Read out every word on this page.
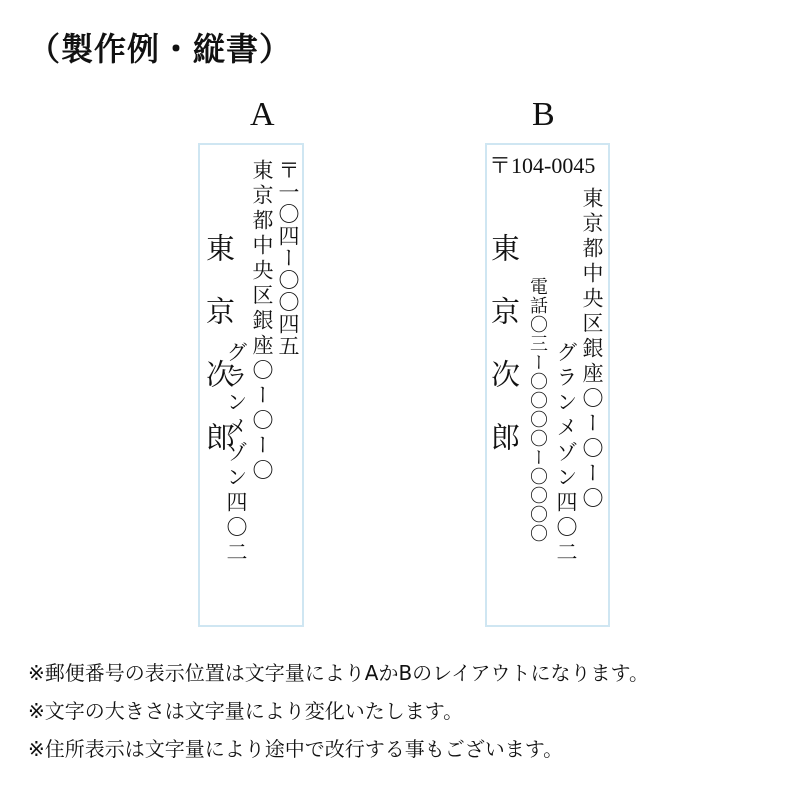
（製作例・縦書）
A
〒一〇四ー〇〇四五
東京都中央区銀座〇ー〇ー〇
グランメゾン四〇二
東 京 次 郎
B
〒104-0045
東京都中央区銀座〇ー〇ー〇
グランメゾン四〇二
電話〇三ー〇〇〇〇ー〇〇〇〇
東 京 次 郎
※郵便番号の表示位置は文字量によりAかBのレイアウトになります。
※文字の大きさは文字量により変化いたします。
※住所表示は文字量により途中で改行する事もございます。
